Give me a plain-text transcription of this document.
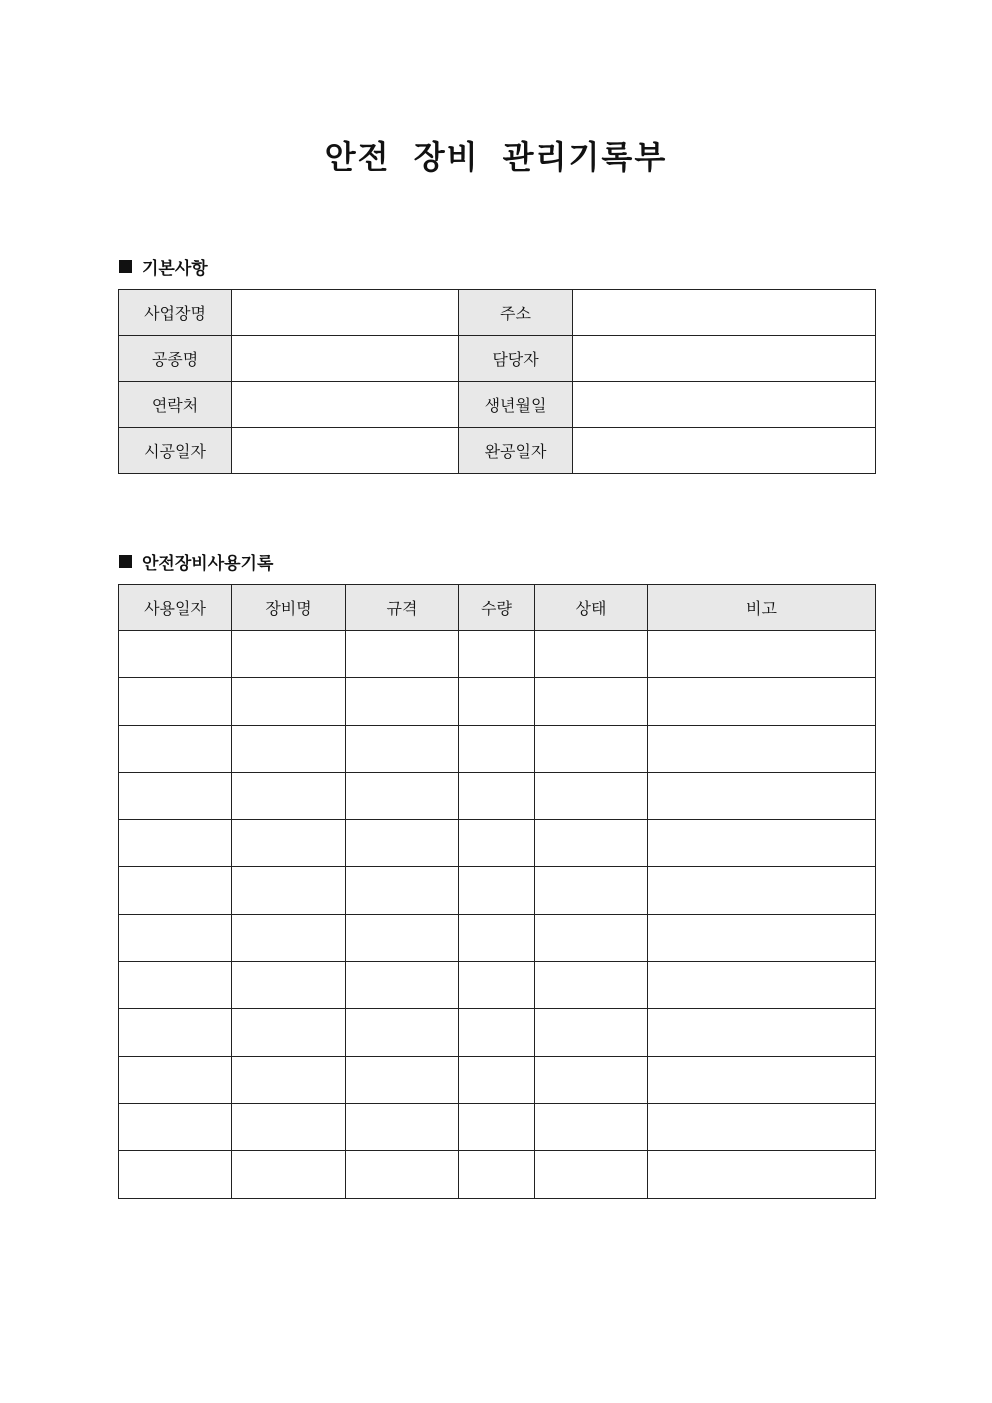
안전 장비 관리기록부
기본사항
사업장명		주소	
공종명		담당자	
연락처		생년월일	
시공일자		완공일자	
안전장비사용기록
사용일자	장비명	규격	수량	상태	비고
